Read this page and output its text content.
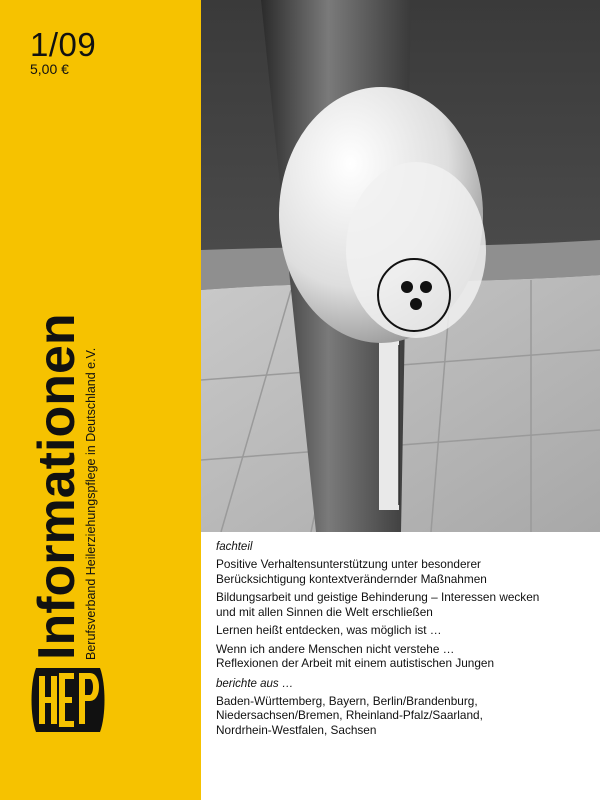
1/09
5,00 €
Informationen
Berufsverband Heilerziehungspflege in Deutschland e.V.	fachteil
Positive Verhaltensunterstützung unter besonderer
Berücksichtigung kontextverändernder Maßnahmen
Bildungsarbeit und geistige Behinderung – Interessen wecken
und mit allen Sinnen die Welt erschließen
Lernen heißt entdecken, was möglich ist …
Wenn ich andere Menschen nicht verstehe …
Reflexionen der Arbeit mit einem autistischen Jungen
berichte aus …
Baden-Württemberg, Bayern, Berlin/Brandenburg,
Niedersachsen/Bremen, Rheinland-Pfalz/Saarland,
Nordrhein-Westfalen, Sachsen
